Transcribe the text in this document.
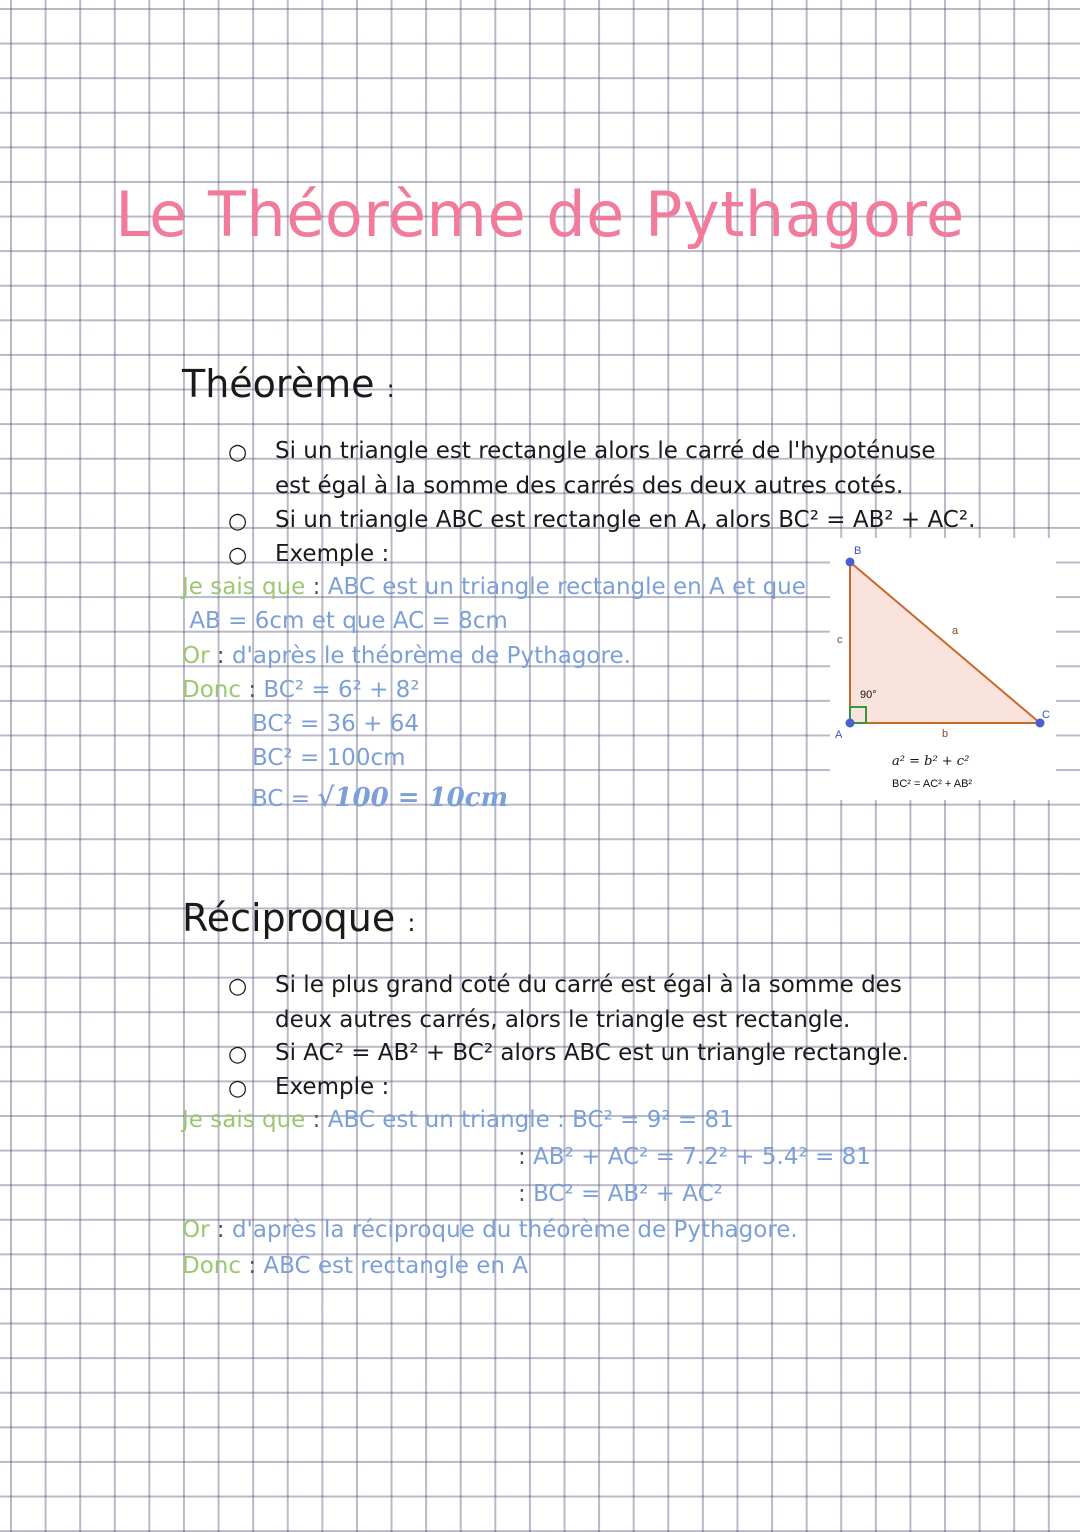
Le Théorème de Pythagore
Théorème :
○ Si un triangle est rectangle alors le carré de l'hypoténuse
est égal à la somme des carrés des deux autres cotés.
○ Si un triangle ABC est rectangle en A, alors BC² = AB² + AC².
○ Exemple :
Je sais que : ABC est un triangle rectangle en A et que
AB = 6cm et que AC = 8cm
Or : d'après le théorème de Pythagore.
Donc : BC² = 6² + 8²
BC² = 36 + 64
BC² = 100cm
BC = √100 = 10cm
B
A
C
a
b
c
90°
a² = b² + c²
BC² = AC² + AB²
Réciproque :
○ Si le plus grand coté du carré est égal à la somme des
deux autres carrés, alors le triangle est rectangle.
○ Si AC² = AB² + BC² alors ABC est un triangle rectangle.
○ Exemple :
Je sais que : ABC est un triangle : BC² = 9² = 81
: AB² + AC² = 7.2² + 5.4² = 81
: BC² = AB² + AC²
Or : d'après la réciproque du théorème de Pythagore.
Donc : ABC est rectangle en A
